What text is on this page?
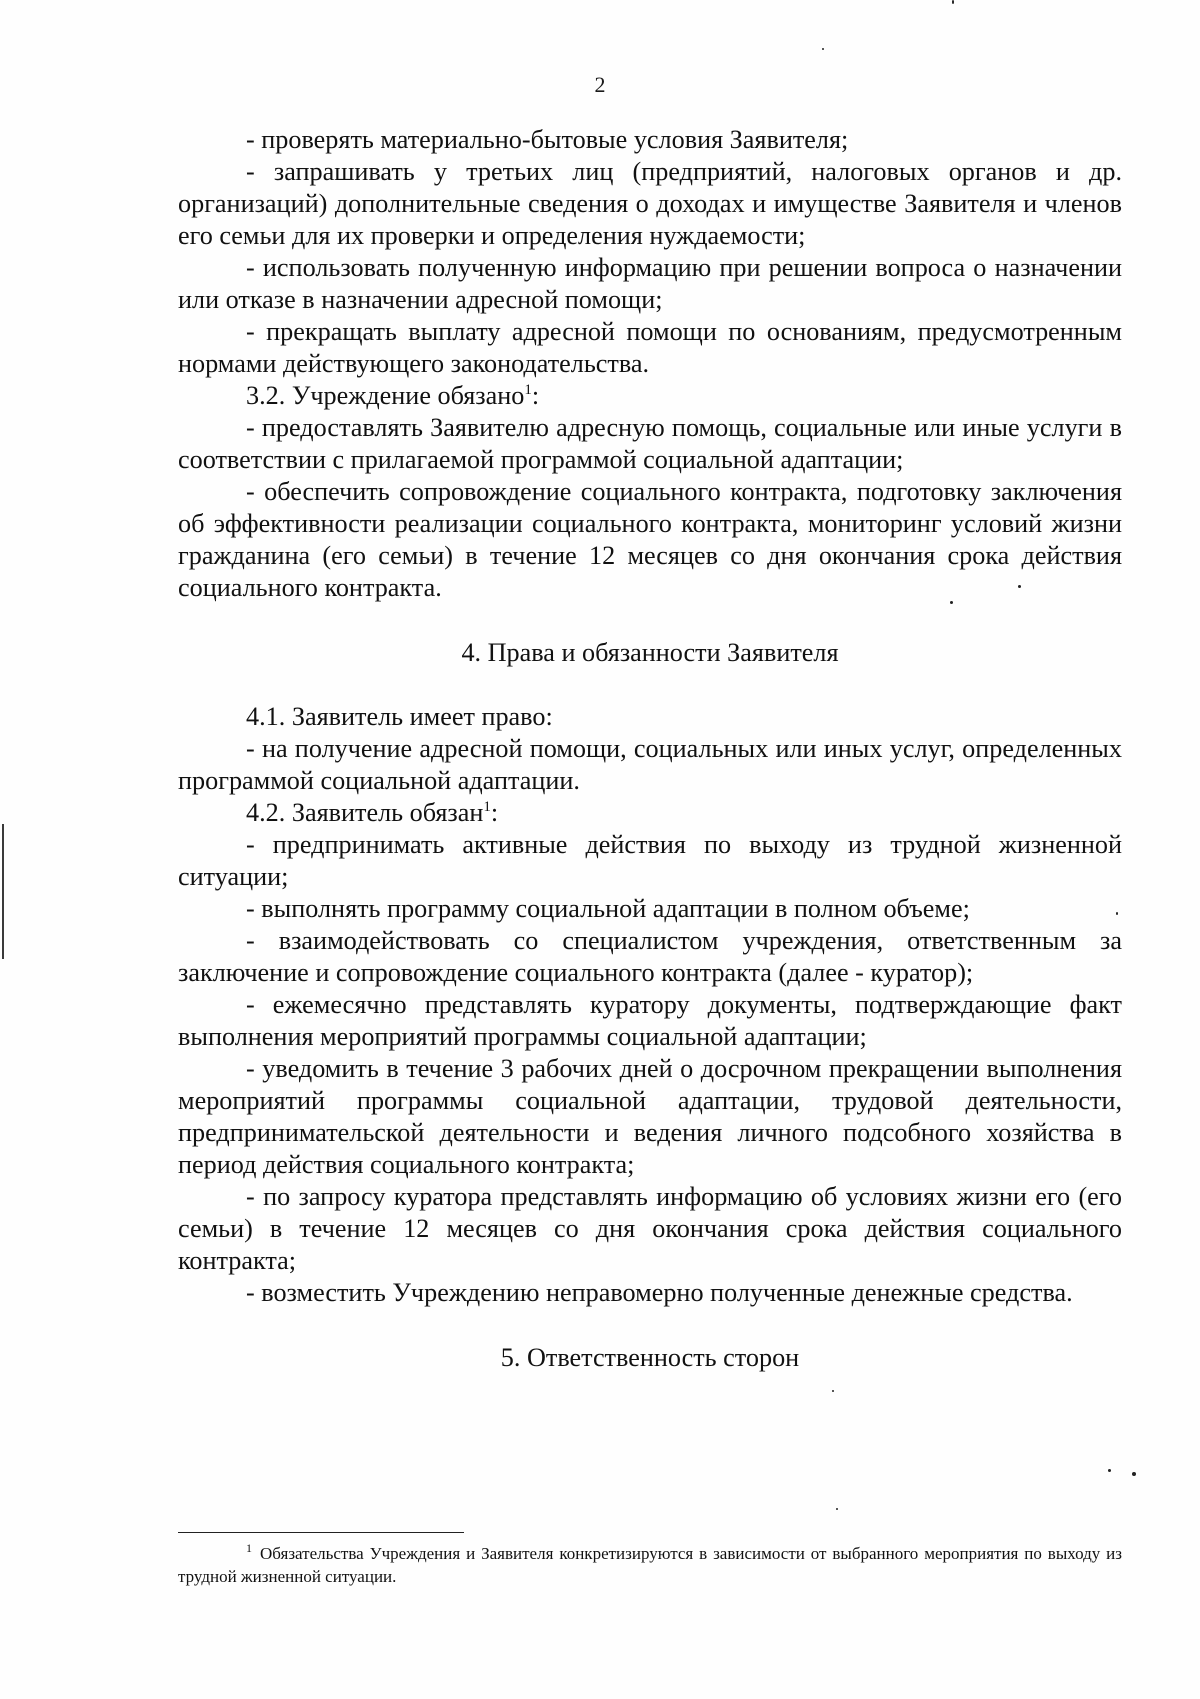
2

- проверять материально-бытовые условия Заявителя;

- запрашивать у третьих лиц (предприятий, налоговых органов и др. организаций) дополнительные сведения о доходах и имуществе Заявителя и членов его семьи для их проверки и определения нуждаемости;

- использовать полученную информацию при решении вопроса о назначении или отказе в назначении адресной помощи;

- прекращать выплату адресной помощи по основаниям, предусмотренным нормами действующего законодательства.

3.2. Учреждение обязано$^1$:

- предоставлять Заявителю адресную помощь, социальные или иные услуги в соответствии с прилагаемой программой социальной адаптации;

- обеспечить сопровождение социального контракта, подготовку заключения об эффективности реализации социального контракта, мониторинг условий жизни гражданина (его семьи) в течение 12 месяцев со дня окончания срока действия социального контракта.

4. Права и обязанности Заявителя

4.1. Заявитель имеет право:

- на получение адресной помощи, социальных или иных услуг, определенных программой социальной адаптации.

4.2. Заявитель обязан$^1$:

- предпринимать активные действия по выходу из трудной жизненной ситуации;

- выполнять программу социальной адаптации в полном объеме;

- взаимодействовать со специалистом учреждения, ответственным за заключение и сопровождение социального контракта (далее - куратор);

- ежемесячно представлять куратору документы, подтверждающие факт выполнения мероприятий программы социальной адаптации;

- уведомить в течение 3 рабочих дней о досрочном прекращении выполнения мероприятий программы социальной адаптации, трудовой деятельности, предпринимательской деятельности и ведения личного подсобного хозяйства в период действия социального контракта;

- по запросу куратора представлять информацию об условиях жизни его (его семьи) в течение 12 месяцев со дня окончания срока действия социального контракта;

- возместить Учреждению неправомерно полученные денежные средства.

5. Ответственность сторон

$^1$ Обязательства Учреждения и Заявителя конкретизируются в зависимости от выбранного мероприятия по выходу из трудной жизненной ситуации.
